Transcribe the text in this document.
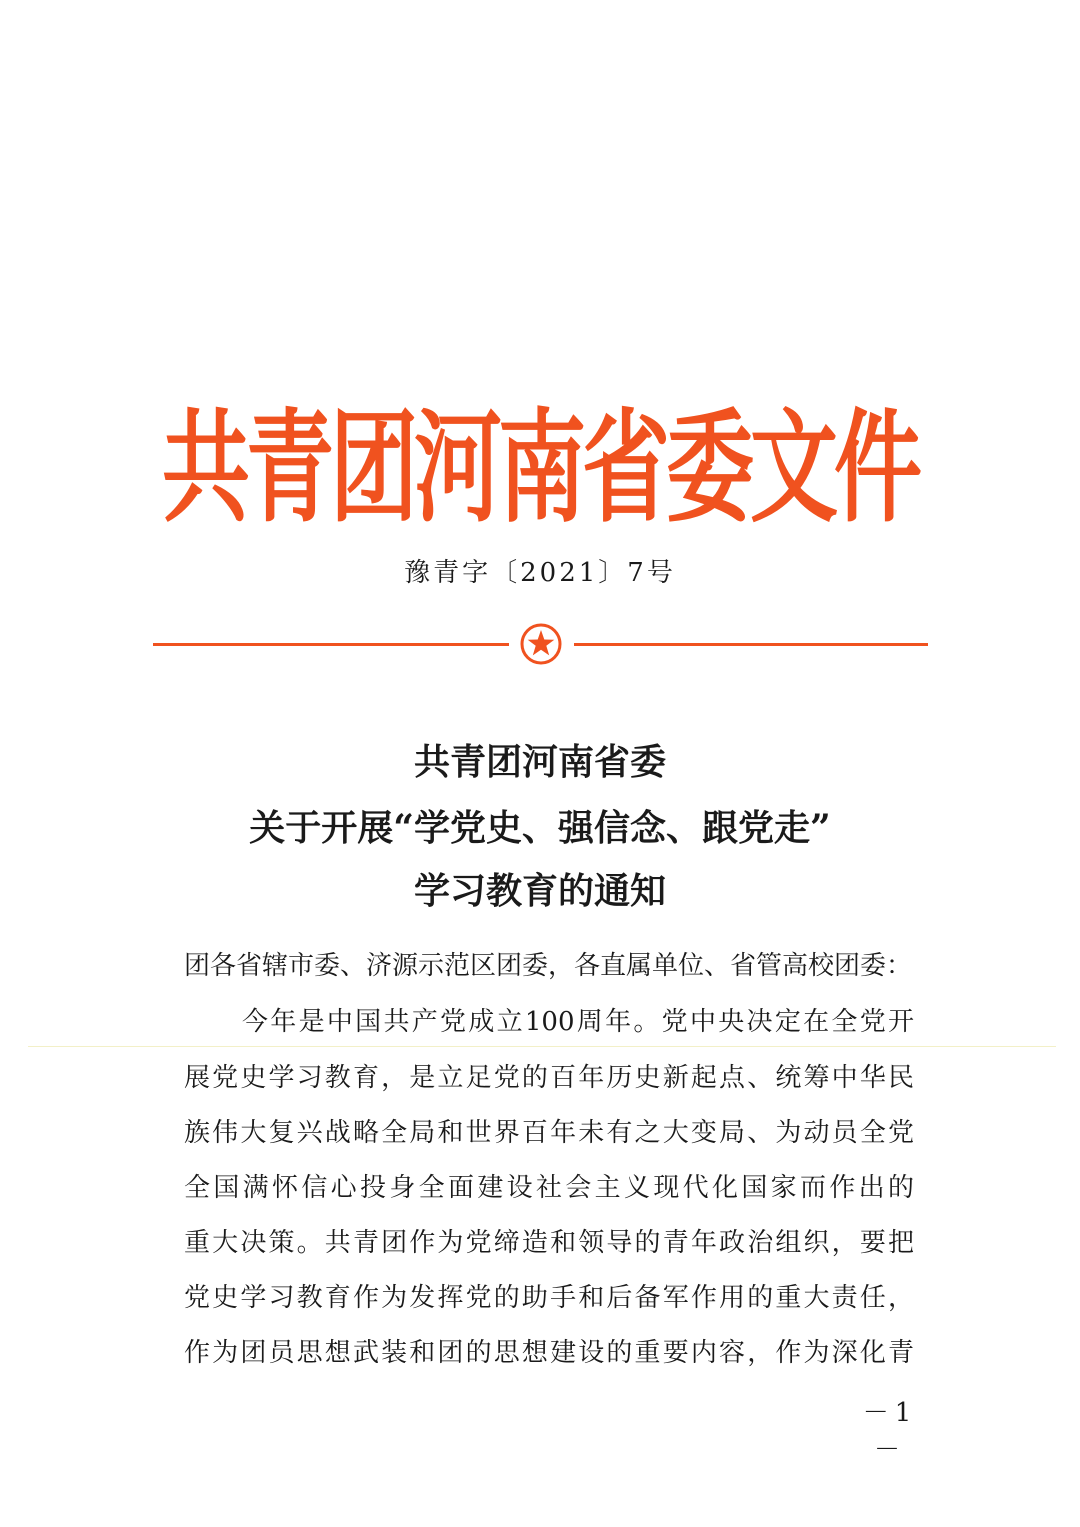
共青团河南省委文件
豫青字〔2021〕7号
共青团河南省委
关于开展“学党史、强信念、跟党走”
学习教育的通知
团各省辖市委、济源示范区团委，各直属单位、省管高校团委：
今年是中国共产党成立100周年。党中央决定在全党开
展党史学习教育，是立足党的百年历史新起点、统筹中华民
族伟大复兴战略全局和世界百年未有之大变局、为动员全党
全国满怀信心投身全面建设社会主义现代化国家而作出的
重大决策。共青团作为党缔造和领导的青年政治组织，要把
党史学习教育作为发挥党的助手和后备军作用的重大责任，
作为团员思想武装和团的思想建设的重要内容，作为深化青
－1－
